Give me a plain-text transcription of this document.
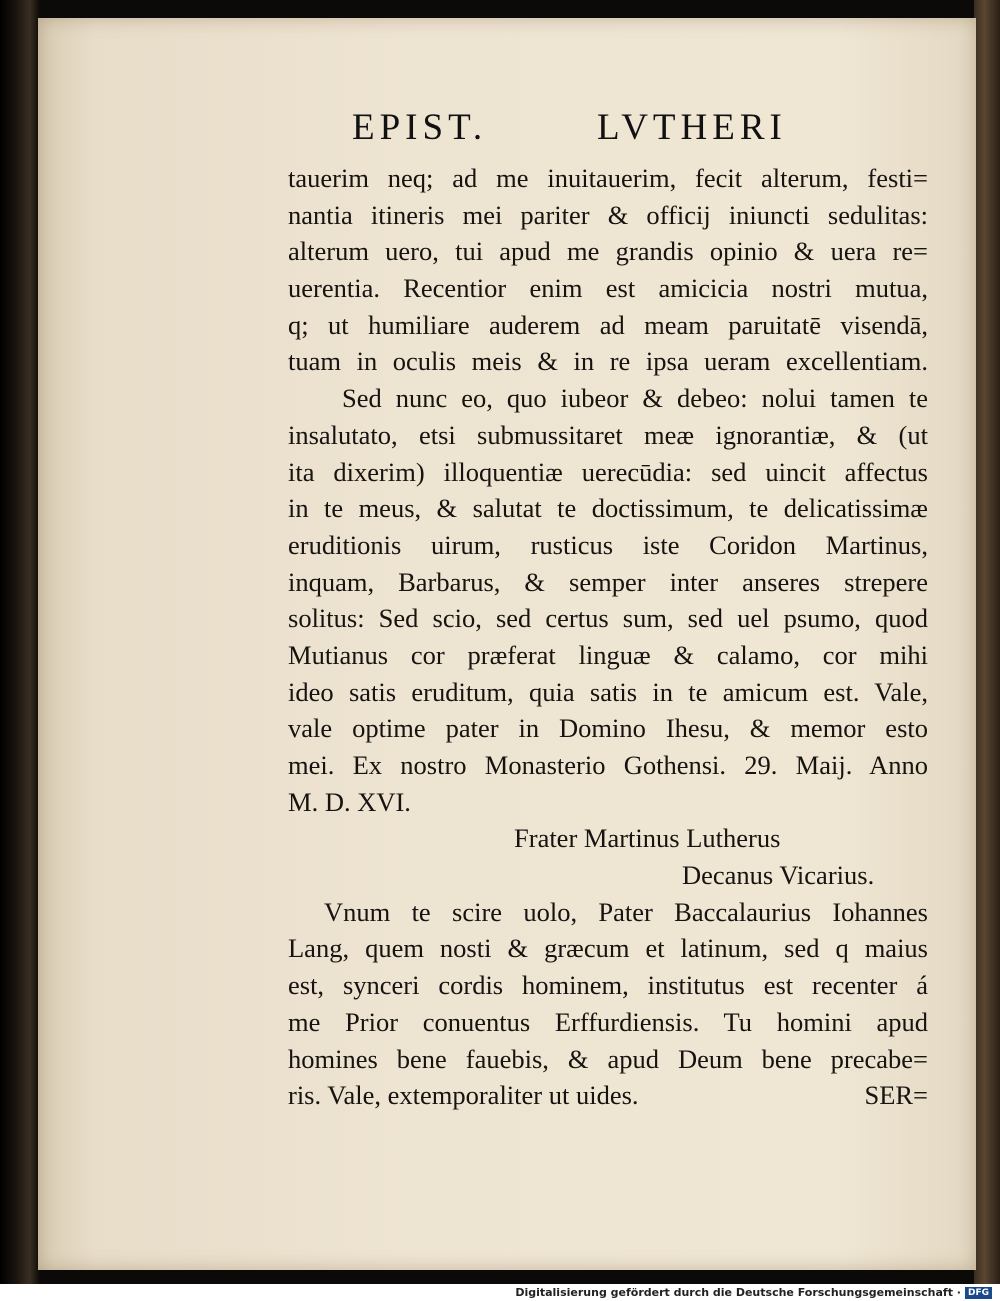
EPIST.	LVTHERI
tauerim neq; ad me inuitauerim, fecit alterum, festi=
nantia itineris mei pariter & officij iniuncti sedulitas:
alterum uero, tui apud me grandis opinio & uera re=
uerentia. Recentior enim est amicicia nostri mutua,
q; ut humiliare auderem ad meam paruitatē visendā,
tuam in oculis meis & in re ipsa ueram excellentiam.
Sed nunc eo, quo iubeor & debeo: nolui tamen te
insalutato, etsi submussitaret meæ ignorantiæ, & (ut
ita dixerim) illoquentiæ uerecūdia: sed uincit affectus
in te meus, & salutat te doctissimum, te delicatissimæ
eruditionis uirum, rusticus iste Coridon Martinus,
inquam, Barbarus, & semper inter anseres strepere
solitus: Sed scio, sed certus sum, sed uel psumo, quod
Mutianus cor præferat linguæ & calamo, cor mihi
ideo satis eruditum, quia satis in te amicum est. Vale,
vale optime pater in Domino Ihesu, & memor esto
mei. Ex nostro Monasterio Gothensi. 29. Maij. Anno
M. D. XVI.
Frater Martinus Lutherus
Decanus Vicarius.
Vnum te scire uolo, Pater Baccalaurius Iohannes
Lang, quem nosti & græcum et latinum, sed q maius
est, synceri cordis hominem, institutus est recenter á
me Prior conuentus Erffurdiensis. Tu homini apud
homines bene fauebis, & apud Deum bene precabe=
ris. Vale, extemporaliter ut uides.	SER=
Digitalisierung gefördert durch die Deutsche Forschungsgemeinschaft · DFG
